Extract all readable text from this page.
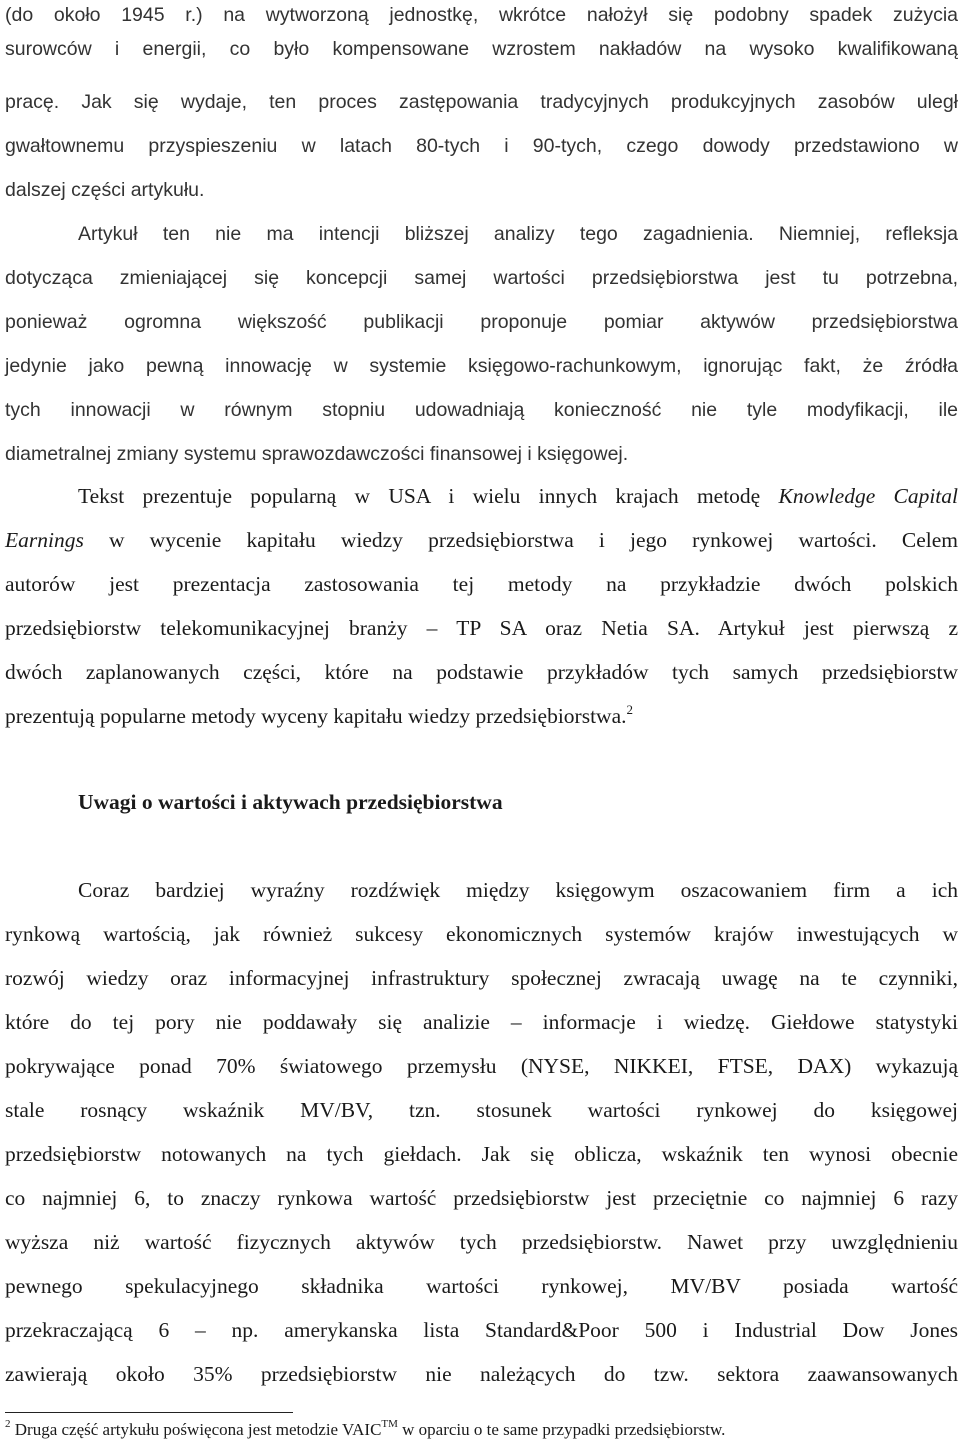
(do około 1945 r.) na wytworzoną jednostkę, wkrótce nałożył się podobny spadek zużycia
surowców i energii, co było kompensowane wzrostem nakładów na wysoko kwalifikowaną
pracę. Jak się wydaje, ten proces zastępowania tradycyjnych produkcyjnych zasobów uległ
gwałtownemu przyspieszeniu w latach 80-tych i 90-tych, czego dowody przedstawiono w
dalszej części artykułu.
Artykuł ten nie ma intencji bliższej analizy tego zagadnienia. Niemniej, refleksja
dotycząca zmieniającej się koncepcji samej wartości przedsiębiorstwa jest tu potrzebna,
ponieważ ogromna większość publikacji proponuje pomiar aktywów przedsiębiorstwa
jedynie jako pewną innowację w systemie księgowo-rachunkowym, ignorując fakt, że źródła
tych innowacji w równym stopniu udowadniają konieczność nie tyle modyfikacji, ile
diametralnej zmiany systemu sprawozdawczości finansowej i księgowej.
Tekst prezentuje popularną w USA i wielu innych krajach metodę Knowledge Capital
Earnings w wycenie kapitału wiedzy przedsiębiorstwa i jego rynkowej wartości. Celem
autorów jest prezentacja zastosowania tej metody na przykładzie dwóch polskich
przedsiębiorstw telekomunikacyjnej branży – TP SA oraz Netia SA. Artykuł jest pierwszą z
dwóch zaplanowanych części, które na podstawie przykładów tych samych przedsiębiorstw
prezentują popularne metody wyceny kapitału wiedzy przedsiębiorstwa.$^2$
Uwagi o wartości i aktywach przedsiębiorstwa
Coraz bardziej wyraźny rozdźwięk między księgowym oszacowaniem firm a ich
rynkową wartością, jak również sukcesy ekonomicznych systemów krajów inwestujących w
rozwój wiedzy oraz informacyjnej infrastruktury społecznej zwracają uwagę na te czynniki,
które do tej pory nie poddawały się analizie – informacje i wiedzę. Giełdowe statystyki
pokrywające ponad 70% światowego przemysłu (NYSE, NIKKEI, FTSE, DAX) wykazują
stale rosnący wskaźnik MV/BV, tzn. stosunek wartości rynkowej do księgowej
przedsiębiorstw notowanych na tych giełdach. Jak się oblicza, wskaźnik ten wynosi obecnie
co najmniej 6, to znaczy rynkowa wartość przedsiębiorstw jest przeciętnie co najmniej 6 razy
wyższa niż wartość fizycznych aktywów tych przedsiębiorstw. Nawet przy uwzględnieniu
pewnego spekulacyjnego składnika wartości rynkowej, MV/BV posiada wartość
przekraczającą 6 – np. amerykanska lista Standard&Poor 500 i Industrial Dow Jones
zawierają około 35% przedsiębiorstw nie należących do tzw. sektora zaawansowanych
$^2$ Druga część artykułu poświęcona jest metodzie VAIC™ w oparciu o te same przypadki przedsiębiorstw.
